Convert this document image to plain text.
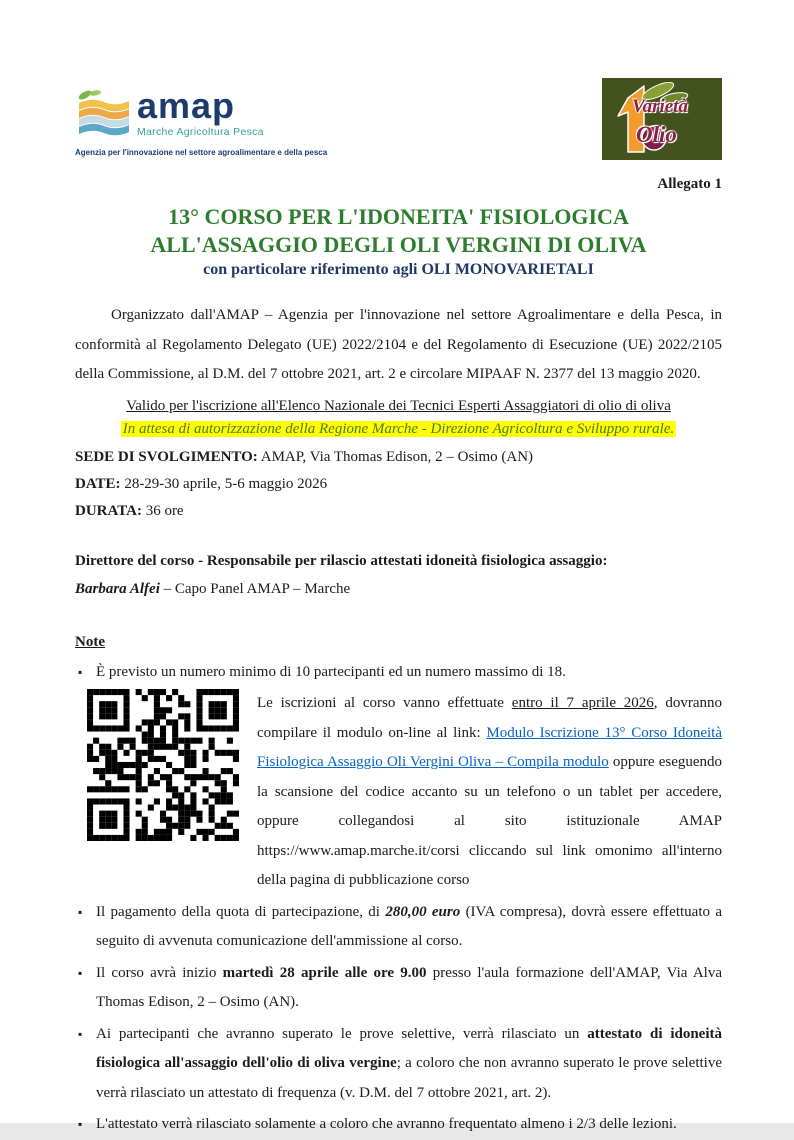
amap
Marche Agricoltura Pesca
Agenzia per l'innovazione nel settore agroalimentare e della pesca
Varietà
Olio
Allegato 1
13° CORSO PER L'IDONEITA' FISIOLOGICA
ALL'ASSAGGIO DEGLI OLI VERGINI DI OLIVA
con particolare riferimento agli OLI MONOVARIETALI

Organizzato dall'AMAP – Agenzia per l'innovazione nel settore Agroalimentare e della Pesca, in conformità al Regolamento Delegato (UE) 2022/2104 e del Regolamento di Esecuzione (UE) 2022/2105 della Commissione, al D.M. del 7 ottobre 2021, art. 2 e circolare MIPAAF N. 2377 del 13 maggio 2020.

Valido per l'iscrizione all'Elenco Nazionale dei Tecnici Esperti Assaggiatori di olio di oliva
In attesa di autorizzazione della Regione Marche - Direzione Agricoltura e Sviluppo rurale.
SEDE DI SVOLGIMENTO: AMAP, Via Thomas Edison, 2 – Osimo (AN)
DATE: 28-29-30 aprile, 5-6 maggio 2026
DURATA: 36 ore
Direttore del corso - Responsabile per rilascio attestati idoneità fisiologica assaggio:
Barbara Alfei – Capo Panel AMAP – Marche
Note
▪ È previsto un numero minimo di 10 partecipanti ed un numero massimo di 18.
Le iscrizioni al corso vanno effettuate entro il 7 aprile 2026, dovranno compilare il modulo on-line al link: Modulo Iscrizione 13° Corso Idoneità Fisiologica Assaggio Oli Vergini Oliva – Compila modulo oppure eseguendo la scansione del codice accanto su un telefono o un tablet per accedere, oppure collegandosi al sito istituzionale AMAP https://www.amap.marche.it/corsi cliccando sul link omonimo all'interno della pagina di pubblicazione corso
▪ Il pagamento della quota di partecipazione, di 280,00 euro (IVA compresa), dovrà essere effettuato a seguito di avvenuta comunicazione dell'ammissione al corso.
▪ Il corso avrà inizio martedì 28 aprile alle ore 9.00 presso l'aula formazione dell'AMAP, Via Alva Thomas Edison, 2 – Osimo (AN).
▪ Ai partecipanti che avranno superato le prove selettive, verrà rilasciato un attestato di idoneità fisiologica all'assaggio dell'olio di oliva vergine; a coloro che non avranno superato le prove selettive verrà rilasciato un attestato di frequenza (v. D.M. del 7 ottobre 2021, art. 2).
▪ L'attestato verrà rilasciato solamente a coloro che avranno frequentato almeno i 2/3 delle lezioni.
